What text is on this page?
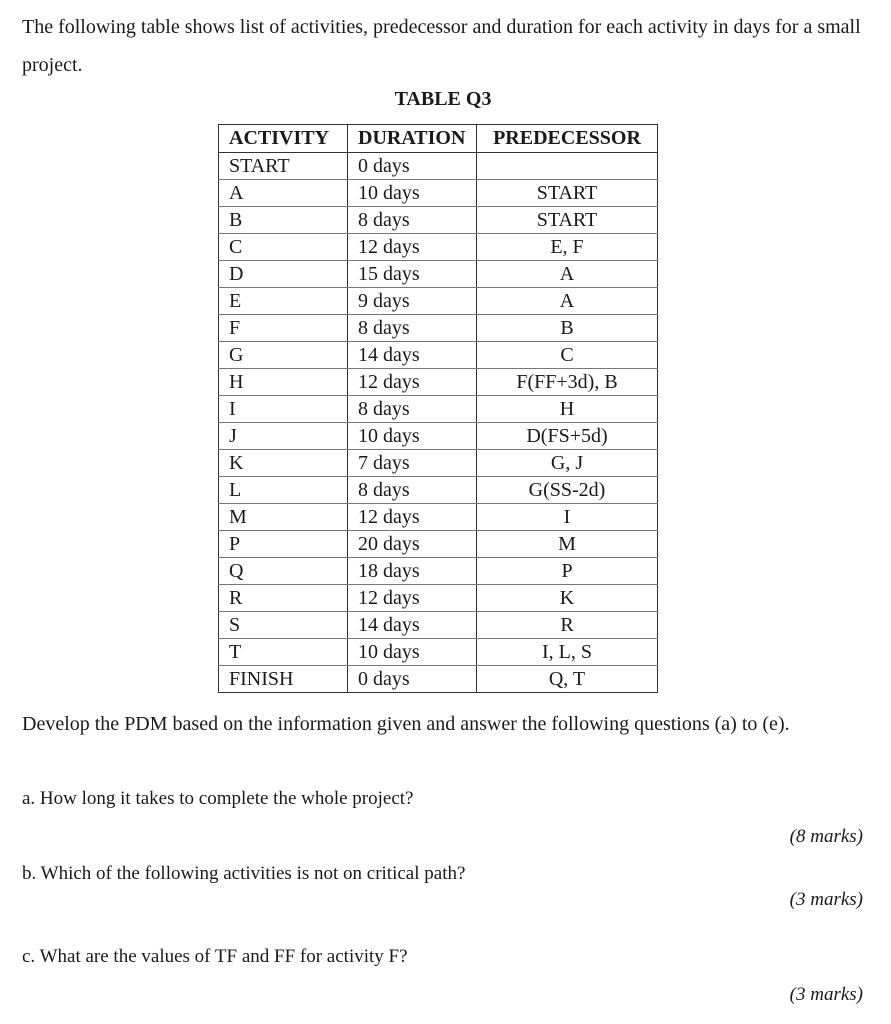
The following table shows list of activities, predecessor and duration for each activity in days for a small project.

TABLE Q3
ACTIVITY	DURATION	PREDECESSOR
START	0 days	
A	10 days	START
B	8 days	START
C	12 days	E, F
D	15 days	A
E	9 days	A
F	8 days	B
G	14 days	C
H	12 days	F(FF+3d), B
I	8 days	H
J	10 days	D(FS+5d)
K	7 days	G, J
L	8 days	G(SS-2d)
M	12 days	I
P	20 days	M
Q	18 days	P
R	12 days	K
S	14 days	R
T	10 days	I, L, S
FINISH	0 days	Q, T

Develop the PDM based on the information given and answer the following questions (a) to (e).

a. How long it takes to complete the whole project?

(8 marks)

b. Which of the following activities is not on critical path?

(3 marks)

c. What are the values of TF and FF for activity F?

(3 marks)
